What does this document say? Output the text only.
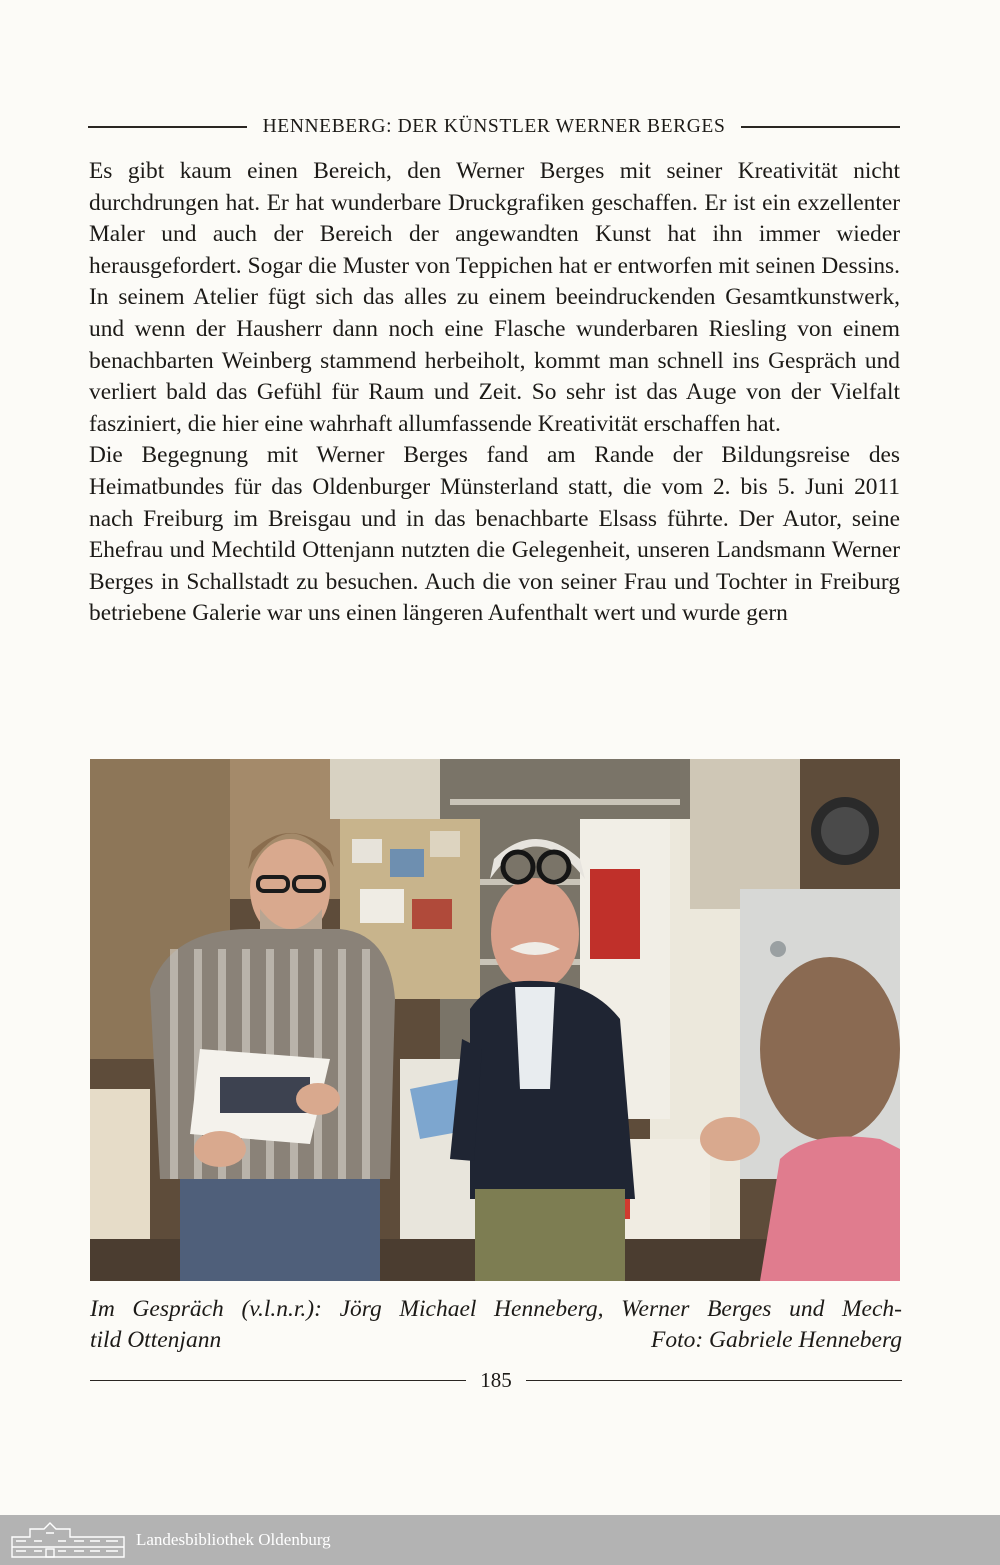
HENNEBERG: DER KÜNSTLER WERNER BERGES

Es gibt kaum einen Bereich, den Werner Berges mit seiner Kreativität nicht durchdrungen hat. Er hat wunderbare Druckgrafiken geschaffen. Er ist ein exzellenter Maler und auch der Bereich der angewandten Kunst hat ihn immer wieder herausgefordert. Sogar die Muster von Teppichen hat er entworfen mit seinen Dessins. In seinem Atelier fügt sich das alles zu einem beeindruckenden Gesamtkunstwerk, und wenn der Hausherr dann noch eine Flasche wunderbaren Riesling von einem benachbarten Weinberg stammend herbeiholt, kommt man schnell ins Gespräch und verliert bald das Gefühl für Raum und Zeit. So sehr ist das Auge von der Vielfalt fasziniert, die hier eine wahrhaft allumfassende Kreativität erschaffen hat.

Die Begegnung mit Werner Berges fand am Rande der Bildungsreise des Heimatbundes für das Oldenburger Münsterland statt, die vom 2. bis 5. Juni 2011 nach Freiburg im Breisgau und in das benachbarte Elsass führte. Der Autor, seine Ehefrau und Mechtild Ottenjann nutzten die Gelegenheit, unseren Landsmann Werner Berges in Schallstadt zu besuchen. Auch die von seiner Frau und Tochter in Freiburg betriebene Galerie war uns einen längeren Aufenthalt wert und wurde gern

Im Gespräch (v.l.n.r.): Jörg Michael Henneberg, Werner Berges und Mech-
tild Ottenjann	Foto: Gabriele Henneberg
185
Landesbibliothek Oldenburg
